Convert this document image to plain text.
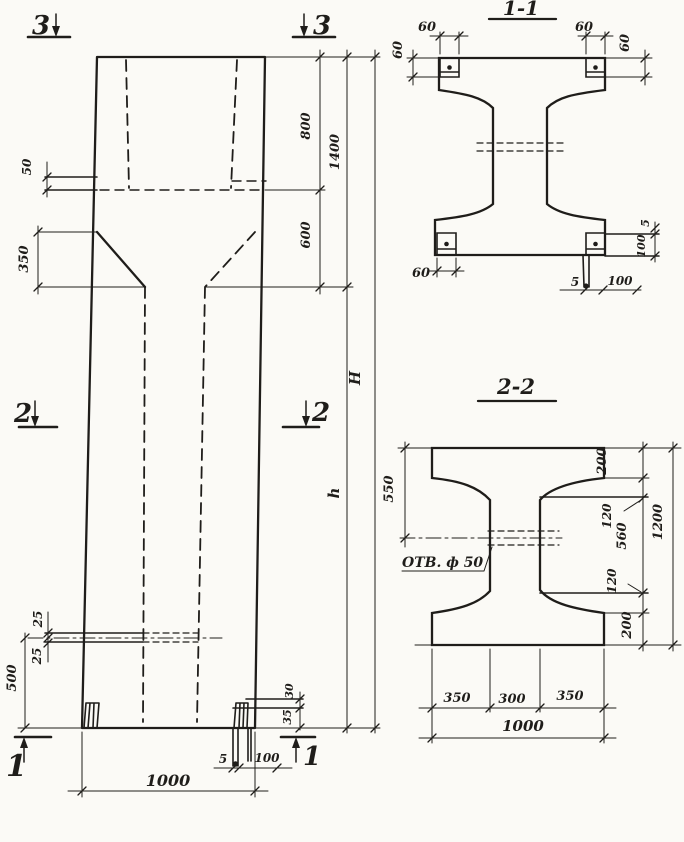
3	3
2	2
1	1
50
350
800
1400
600
H
h
25
25
500	30
35
5 100
1000
1-1
60	60
60	60
60
5 100
5
100
2-2
550
ОТВ. ф 50
200
120
560
120
200
1200
350 300 350
1000
